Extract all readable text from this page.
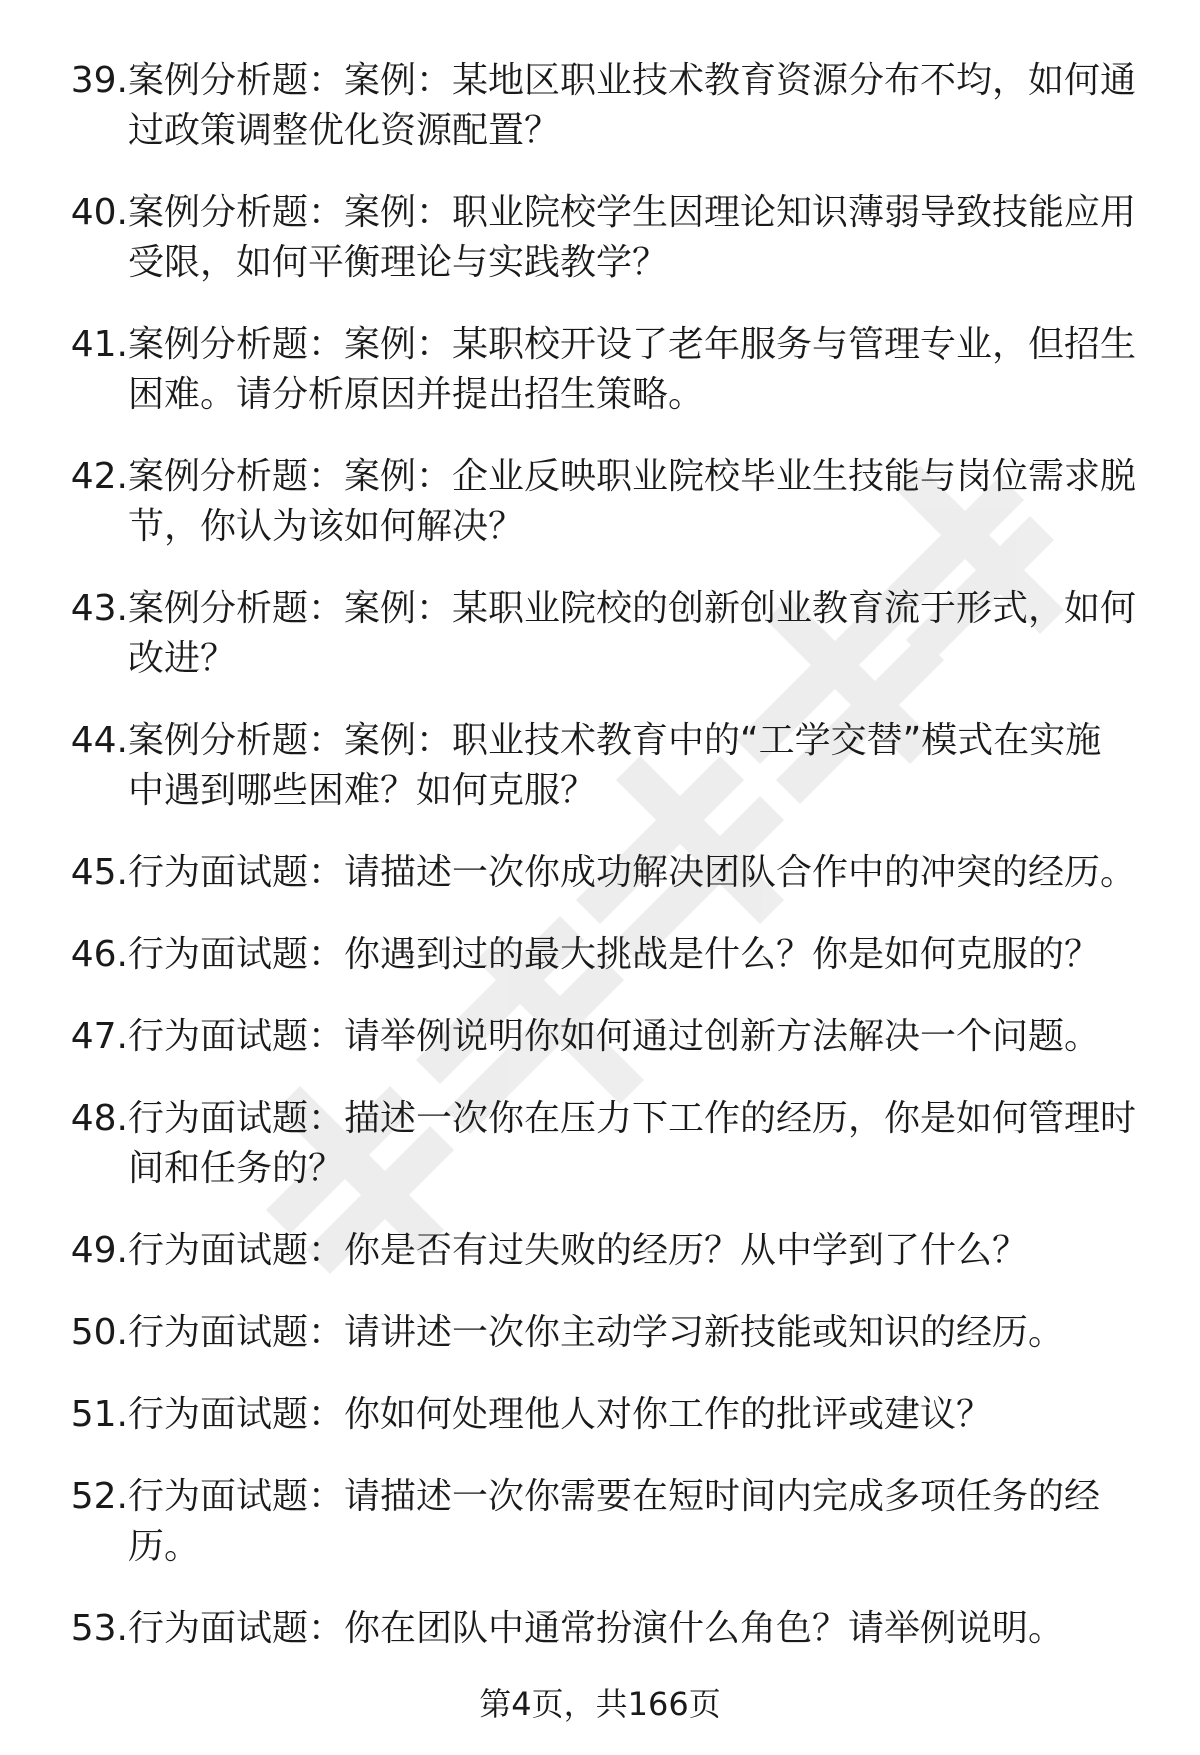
39. 案例分析题：案例：某地区职业技术教育资源分布不均，如何通过政策调整优化资源配置？
40. 案例分析题：案例：职业院校学生因理论知识薄弱导致技能应用受限，如何平衡理论与实践教学？
41. 案例分析题：案例：某职校开设了老年服务与管理专业，但招生困难。请分析原因并提出招生策略。
42. 案例分析题：案例：企业反映职业院校毕业生技能与岗位需求脱节，你认为该如何解决？
43. 案例分析题：案例：某职业院校的创新创业教育流于形式，如何改进？
44. 案例分析题：案例：职业技术教育中的“工学交替”模式在实施中遇到哪些困难？如何克服？
45. 行为面试题：请描述一次你成功解决团队合作中的冲突的经历。
46. 行为面试题：你遇到过的最大挑战是什么？你是如何克服的？
47. 行为面试题：请举例说明你如何通过创新方法解决一个问题。
48. 行为面试题：描述一次你在压力下工作的经历，你是如何管理时间和任务的？
49. 行为面试题：你是否有过失败的经历？从中学到了什么？
50. 行为面试题：请讲述一次你主动学习新技能或知识的经历。
51. 行为面试题：你如何处理他人对你工作的批评或建议？
52. 行为面试题：请描述一次你需要在短时间内完成多项任务的经历。
53. 行为面试题：你在团队中通常扮演什么角色？请举例说明。
第4页，共166页
